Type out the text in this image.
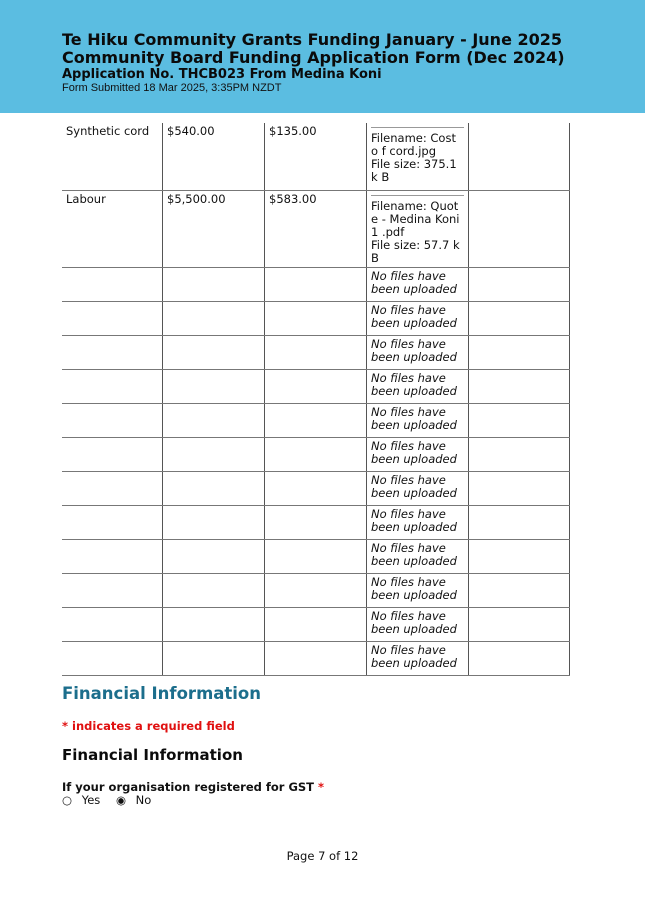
Te Hiku Community Grants Funding January - June 2025
Community Board Funding Application Form (Dec 2024)
Application No. THCB023 From Medina Koni
Form Submitted 18 Mar 2025, 3:35PM NZDT
Synthetic cord	$540.00	$135.00	Filename: Cost o f cord.jpg
File size: 375.1 k B	

Labour	$5,500.00	$583.00	Filename: Quote - Medina Koni 1 .pdf
File size: 57.7 kB	

			No files have been uploaded	
			No files have been uploaded	
			No files have been uploaded	
			No files have been uploaded	
			No files have been uploaded	
			No files have been uploaded	
			No files have been uploaded	
			No files have been uploaded	
			No files have been uploaded	
			No files have been uploaded	
			No files have been uploaded	
			No files have been uploaded	
Financial Information
* indicates a required field
Financial Information
If your organisation registered for GST *
○ Yes ◉ No
Page 7 of 12
